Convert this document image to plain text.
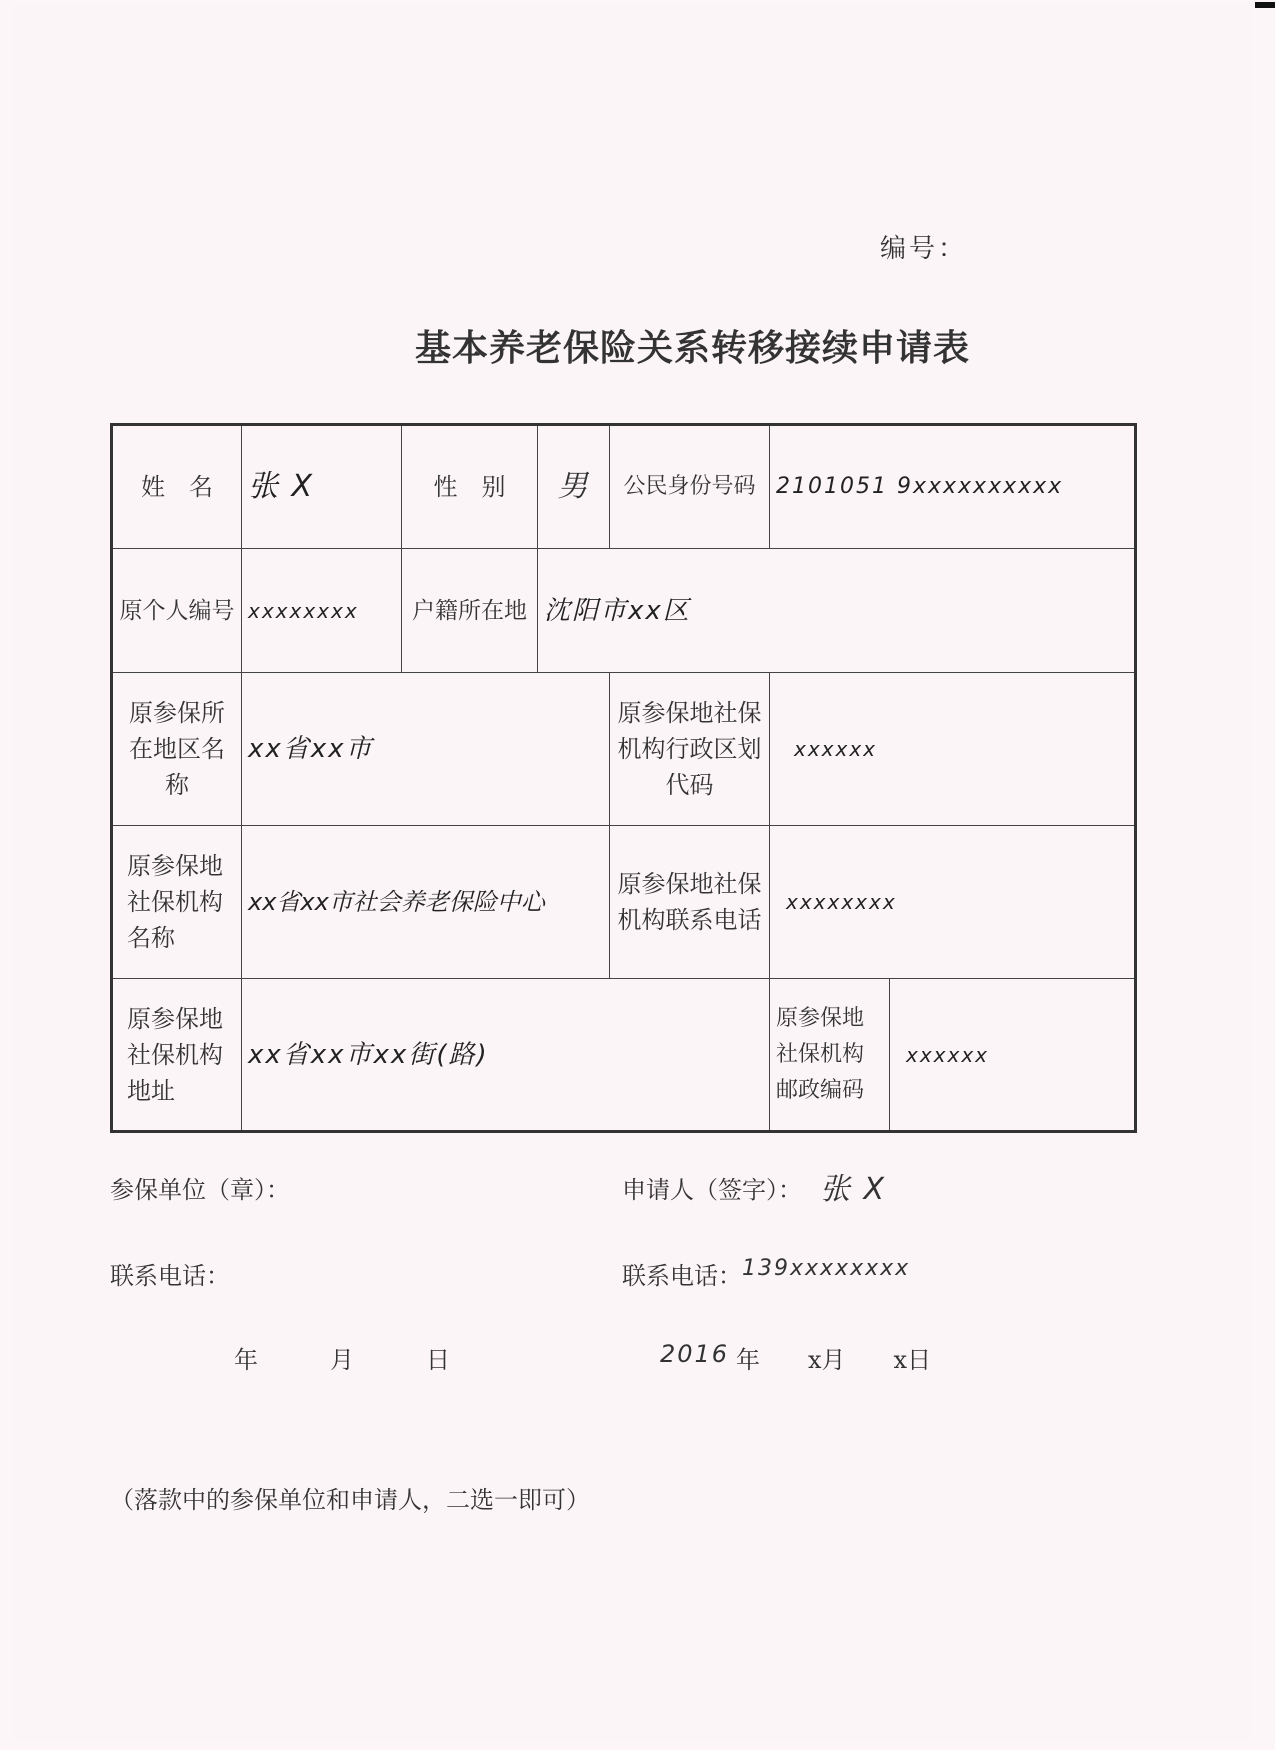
编号：
基本养老保险关系转移接续申请表
姓　名	张 X	性　别	男	公民身份号码	2101051 9xxxxxxxxxx	
原个人编号	xxxxxxxx	户籍所在地	沈阳市xx区			
原参保所在地区名称	xx省xx市			原参保地社保机构行政区划代码	xxxxxx	
原参保地社保机构名称	xx省xx市社会养老保险中心			原参保地社保机构联系电话	xxxxxxxx	
原参保地社保机构地址	xx省xx市xx街(路)				原参保地社保机构邮政编码	xxxxxx
参保单位（章）：	申请人（签字）： 张 X
联系电话：	联系电话： 139xxxxxxxx
年　　　月　　　日	2016 年　　x月　　x日
（落款中的参保单位和申请人，二选一即可）
